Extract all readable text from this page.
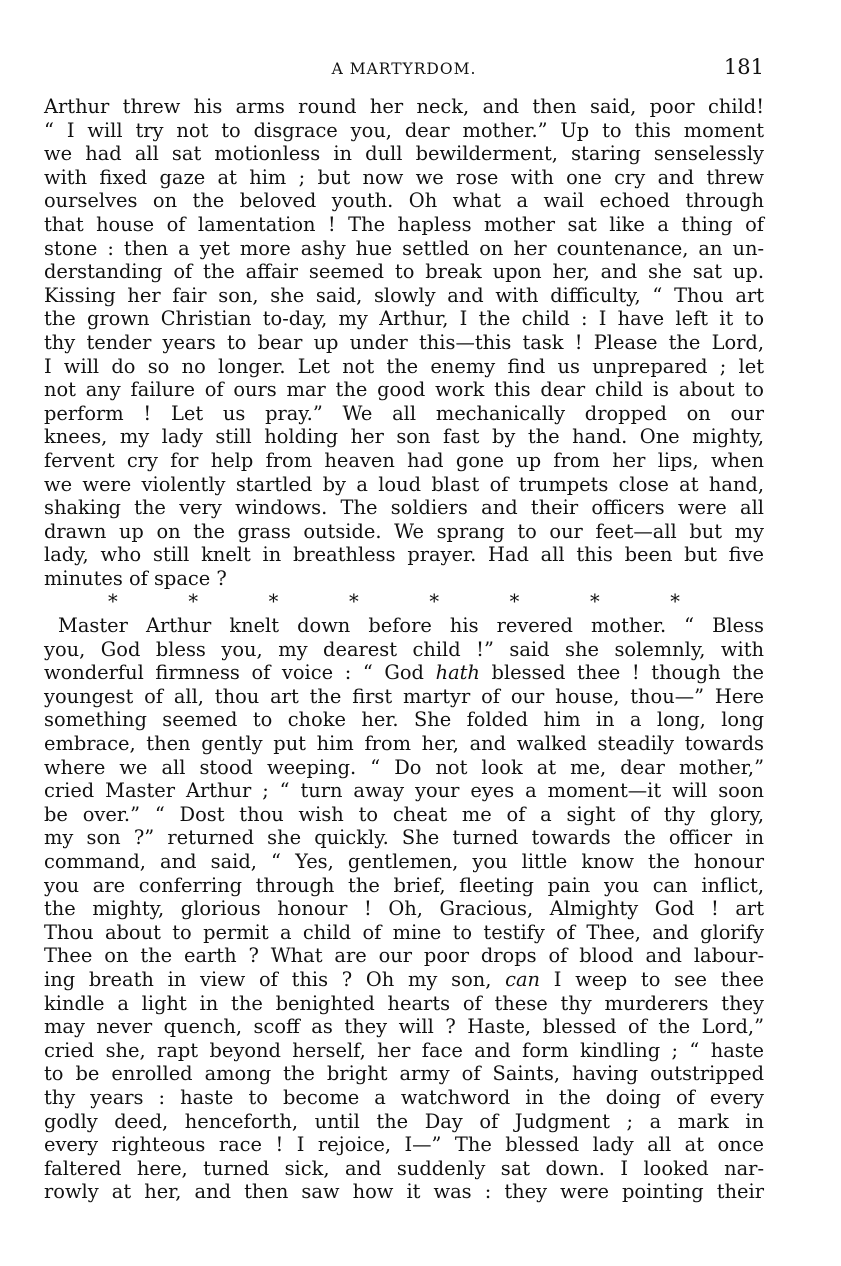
A MARTYRDOM.	181
Arthur threw his arms round her neck, and then said, poor child!
“ I will try not to disgrace you, dear mother.” Up to this moment
we had all sat motionless in dull bewilderment, staring senselessly
with fixed gaze at him ; but now we rose with one cry and threw
ourselves on the beloved youth. Oh what a wail echoed through
that house of lamentation ! The hapless mother sat like a thing of
stone : then a yet more ashy hue settled on her countenance, an un-
derstanding of the affair seemed to break upon her, and she sat up.
Kissing her fair son, she said, slowly and with difficulty, “ Thou art
the grown Christian to-day, my Arthur, I the child : I have left it to
thy tender years to bear up under this—this task ! Please the Lord,
I will do so no longer. Let not the enemy find us unprepared ; let
not any failure of ours mar the good work this dear child is about to
perform ! Let us pray.” We all mechanically dropped on our
knees, my lady still holding her son fast by the hand. One mighty,
fervent cry for help from heaven had gone up from her lips, when
we were violently startled by a loud blast of trumpets close at hand,
shaking the very windows. The soldiers and their officers were all
drawn up on the grass outside. We sprang to our feet—all but my
lady, who still knelt in breathless prayer. Had all this been but five
minutes of space ?
*	*	*	*	*	*	*	*
Master Arthur knelt down before his revered mother. “ Bless
you, God bless you, my dearest child !” said she solemnly, with
wonderful firmness of voice : “ God hath blessed thee ! though the
youngest of all, thou art the first martyr of our house, thou—” Here
something seemed to choke her. She folded him in a long, long
embrace, then gently put him from her, and walked steadily towards
where we all stood weeping. “ Do not look at me, dear mother,”
cried Master Arthur ; “ turn away your eyes a moment—it will soon
be over.” “ Dost thou wish to cheat me of a sight of thy glory,
my son ?” returned she quickly. She turned towards the officer in
command, and said, “ Yes, gentlemen, you little know the honour
you are conferring through the brief, fleeting pain you can inflict,
the mighty, glorious honour ! Oh, Gracious, Almighty God ! art
Thou about to permit a child of mine to testify of Thee, and glorify
Thee on the earth ? What are our poor drops of blood and labour-
ing breath in view of this ? Oh my son, can I weep to see thee
kindle a light in the benighted hearts of these thy murderers they
may never quench, scoff as they will ? Haste, blessed of the Lord,”
cried she, rapt beyond herself, her face and form kindling ; “ haste
to be enrolled among the bright army of Saints, having outstripped
thy years : haste to become a watchword in the doing of every
godly deed, henceforth, until the Day of Judgment ; a mark in
every righteous race ! I rejoice, I—” The blessed lady all at once
faltered here, turned sick, and suddenly sat down. I looked nar-
rowly at her, and then saw how it was : they were pointing their
